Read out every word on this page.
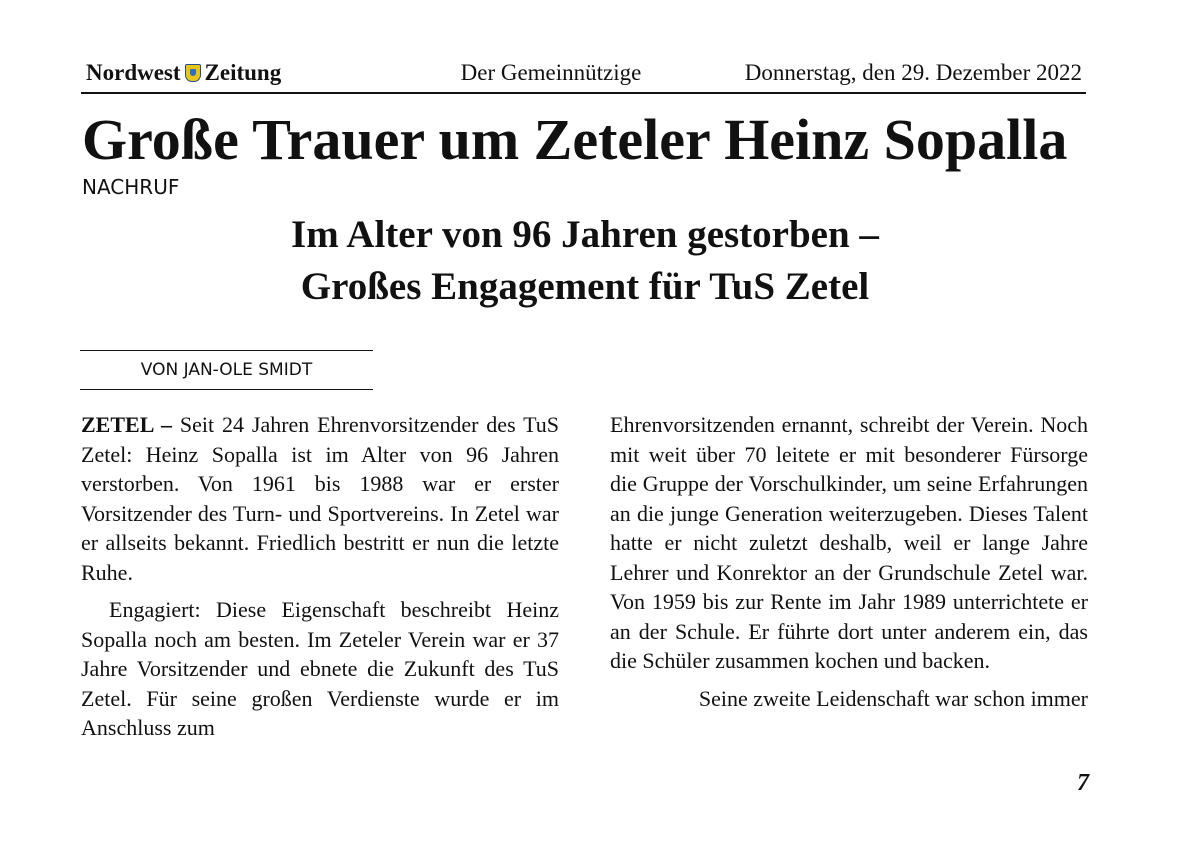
Nordwest Zeitung	Der Gemeinnützige	Donnerstag, den 29. Dezember 2022
Große Trauer um Zeteler Heinz Sopalla
NACHRUF
Im Alter von 96 Jahren gestorben –
Großes Engagement für TuS Zetel
VON JAN-OLE SMIDT

ZETEL – Seit 24 Jahren Ehrenvorsitzender des TuS Zetel: Heinz Sopalla ist im Alter von 96 Jahren verstorben. Von 1961 bis 1988 war er erster Vorsitzender des Turn- und Sportvereins. In Zetel war er allseits bekannt. Friedlich bestritt er nun die letzte Ruhe.

Engagiert: Diese Eigenschaft beschreibt Heinz Sopalla noch am besten. Im Zeteler Verein war er 37 Jahre Vorsitzender und ebnete die Zukunft des TuS Zetel. Für seine großen Verdienste wurde er im Anschluss zum

Ehrenvorsitzenden ernannt, schreibt der Verein. Noch mit weit über 70 leitete er mit besonderer Fürsorge die Gruppe der Vorschulkinder, um seine Erfahrungen an die junge Generation weiterzugeben. Dieses Talent hatte er nicht zuletzt deshalb, weil er lange Jahre Lehrer und Konrektor an der Grundschule Zetel war. Von 1959 bis zur Rente im Jahr 1989 unterrichtete er an der Schule. Er führte dort unter anderem ein, das die Schüler zusammen kochen und backen.

Seine zweite Leidenschaft war schon immer

7
